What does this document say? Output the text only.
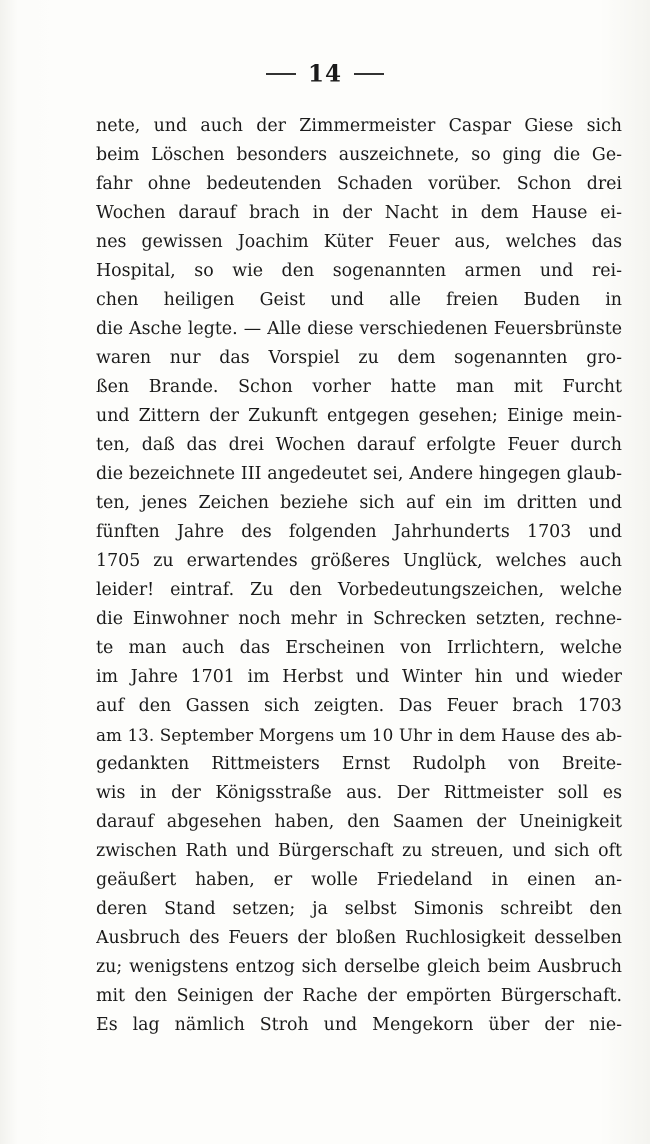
14
nete, und auch der Zimmermeister Caspar Giese sich
beim Löschen besonders auszeichnete, so ging die Ge-
fahr ohne bedeutenden Schaden vorüber. Schon drei
Wochen darauf brach in der Nacht in dem Hause ei-
nes gewissen Joachim Küter Feuer aus, welches das
Hospital, so wie den sogenannten armen und rei-
chen heiligen Geist und alle freien Buden in
die Asche legte. — Alle diese verschiedenen Feuersbrünste
waren nur das Vorspiel zu dem sogenannten gro-
ßen Brande. Schon vorher hatte man mit Furcht
und Zittern der Zukunft entgegen gesehen; Einige mein-
ten, daß das drei Wochen darauf erfolgte Feuer durch
die bezeichnete III angedeutet sei, Andere hingegen glaub-
ten, jenes Zeichen beziehe sich auf ein im dritten und
fünften Jahre des folgenden Jahrhunderts 1703 und
1705 zu erwartendes größeres Unglück, welches auch
leider! eintraf. Zu den Vorbedeutungszeichen, welche
die Einwohner noch mehr in Schrecken setzten, rechne-
te man auch das Erscheinen von Irrlichtern, welche
im Jahre 1701 im Herbst und Winter hin und wieder
auf den Gassen sich zeigten. Das Feuer brach 1703
am 13. September Morgens um 10 Uhr in dem Hause des ab-
gedankten Rittmeisters Ernst Rudolph von Breite-
wis in der Königsstraße aus. Der Rittmeister soll es
darauf abgesehen haben, den Saamen der Uneinigkeit
zwischen Rath und Bürgerschaft zu streuen, und sich oft
geäußert haben, er wolle Friedeland in einen an-
deren Stand setzen; ja selbst Simonis schreibt den
Ausbruch des Feuers der bloßen Ruchlosigkeit desselben
zu; wenigstens entzog sich derselbe gleich beim Ausbruch
mit den Seinigen der Rache der empörten Bürgerschaft.
Es lag nämlich Stroh und Mengekorn über der nie-
